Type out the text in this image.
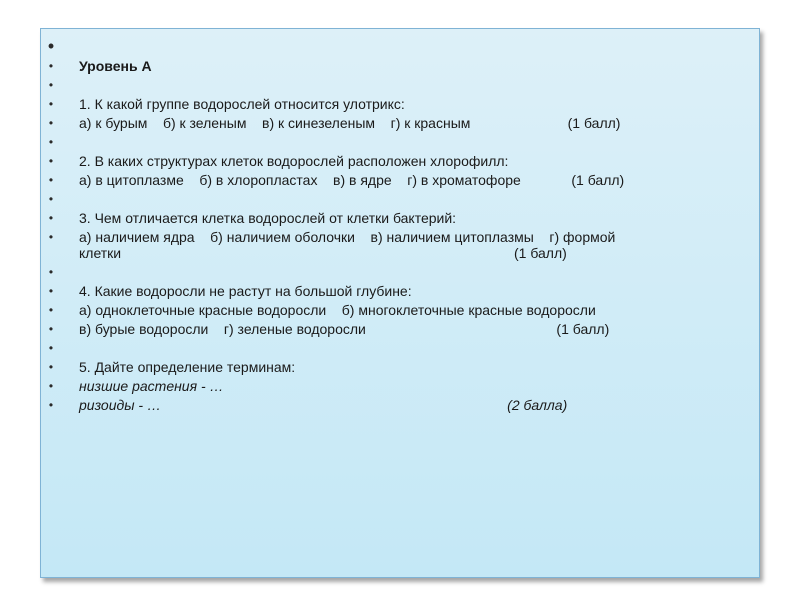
•
• Уровень А
•
• 1. К какой группе водорослей относится улотрикс:
• а) к бурым    б) к зеленым    в) к синезеленым    г) к красным                         (1 балл)
•
• 2. В каких структурах клеток водорослей расположен хлорофилл:
• а) в цитоплазме    б) в хлоропластах    в) в ядре    г) в хроматофоре             (1 балл)
•
• 3. Чем отличается клетка водорослей от клетки бактерий:
• а) наличием ядра    б) наличием оболочки    в) наличием цитоплазмы    г) формой
клетки                                                                                                     (1 балл)
•
• 4. Какие водоросли не растут на большой глубине:
• а) одноклеточные красные водоросли    б) многоклеточные красные водоросли
• в) бурые водоросли    г) зеленые водоросли                                                 (1 балл)
•
• 5. Дайте определение терминам:
• низшие растения - …
• ризоиды - …                                                                                         (2 балла)
